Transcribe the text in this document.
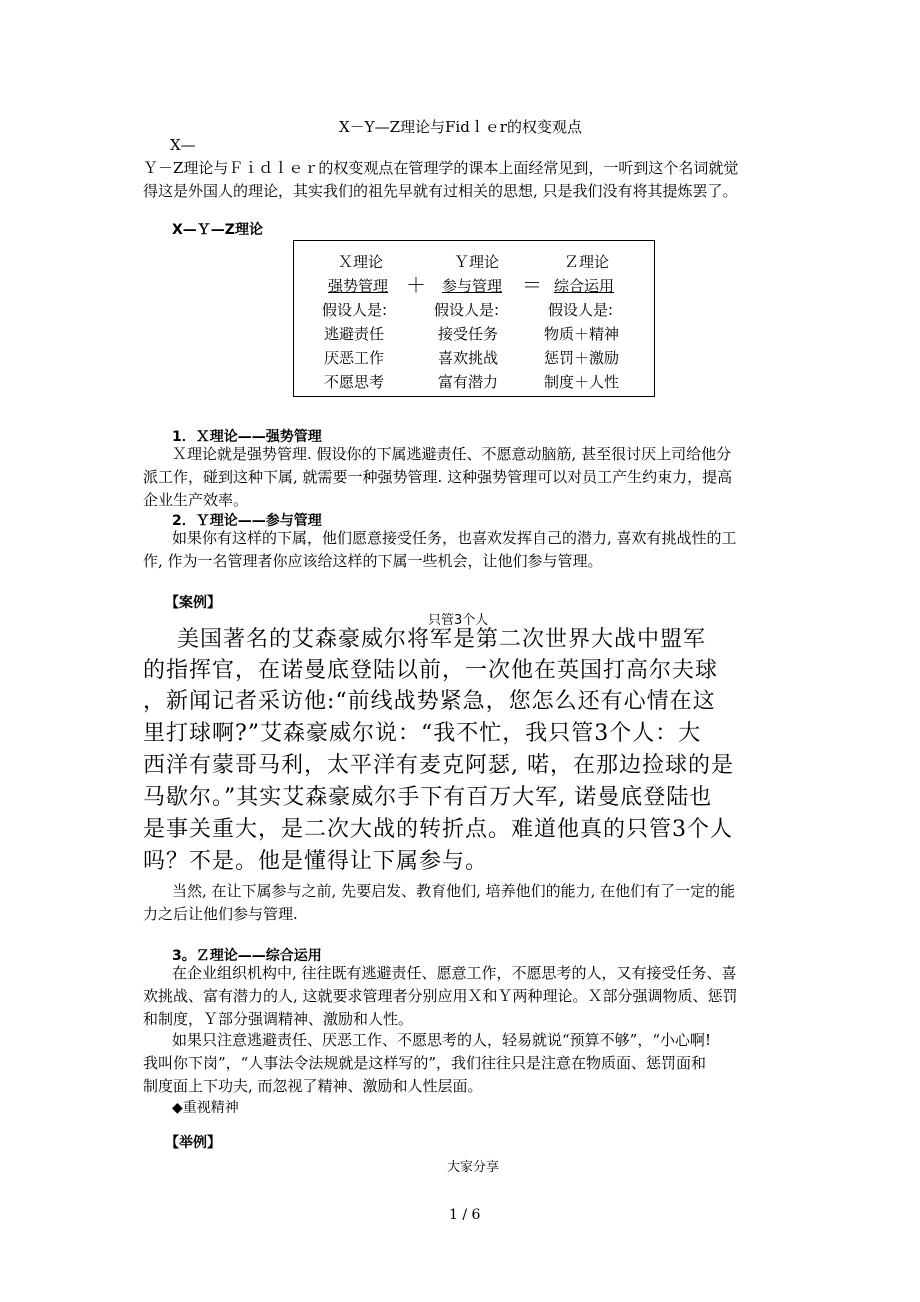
X－Y—Z理论与Fidｌｅr的权变观点
X—
Ｙ－Z理论与Ｆｉｄｌｅｒ的权变观点在管理学的课本上面经常见到，一听到这个名词就觉
得这是外国人的理论，其实我们的祖先早就有过相关的思想, 只是我们没有将其提炼罢了。
X—Ｙ—Z理论
Ｘ理论
强势管理
假设人是:
逃避责任
厌恶工作
不愿思考
＋
Ｙ理论
参与管理
假设人是:
接受任务
喜欢挑战
富有潜力
＝
Ｚ理论
综合运用
假设人是:
物质＋精神
惩罚＋激励
制度＋人性
1．Ｘ理论——强势管理
Ｘ理论就是强势管理. 假设你的下属逃避责任、不愿意动脑筋, 甚至很讨厌上司给他分
派工作，碰到这种下属, 就需要一种强势管理. 这种强势管理可以对员工产生约束力，提高
企业生产效率。
2．Ｙ理论——参与管理
如果你有这样的下属，他们愿意接受任务，也喜欢发挥自己的潜力, 喜欢有挑战性的工
作, 作为一名管理者你应该给这样的下属一些机会，让他们参与管理。
【案例】
只管3个人
美国著名的艾森豪威尔将军是第二次世界大战中盟军
的指挥官，在诺曼底登陆以前，一次他在英国打高尔夫球
，新闻记者采访他:“前线战势紧急，您怎么还有心情在这
里打球啊?”艾森豪威尔说：“我不忙，我只管3个人：大
西洋有蒙哥马利，太平洋有麦克阿瑟, 喏，在那边捡球的是
马歇尔。”其实艾森豪威尔手下有百万大军, 诺曼底登陆也
是事关重大，是二次大战的转折点。难道他真的只管3个人
吗？不是。他是懂得让下属参与。
当然, 在让下属参与之前, 先要启发、教育他们, 培养他们的能力, 在他们有了一定的能
力之后让他们参与管理.
3。Ｚ理论——综合运用
在企业组织机构中, 往往既有逃避责任、愿意工作，不愿思考的人，又有接受任务、喜
欢挑战、富有潜力的人, 这就要求管理者分别应用Ｘ和Ｙ两种理论。Ｘ部分强调物质、惩罚
和制度，Ｙ部分强调精神、激励和人性。
如果只注意逃避责任、厌恶工作、不愿思考的人，轻易就说“预算不够”，“小心啊!
我叫你下岗”，“人事法令法规就是这样写的”，我们往往只是注意在物质面、惩罚面和
制度面上下功夫, 而忽视了精神、激励和人性层面。
◆重视精神
【举例】
大家分享
1 / 6
